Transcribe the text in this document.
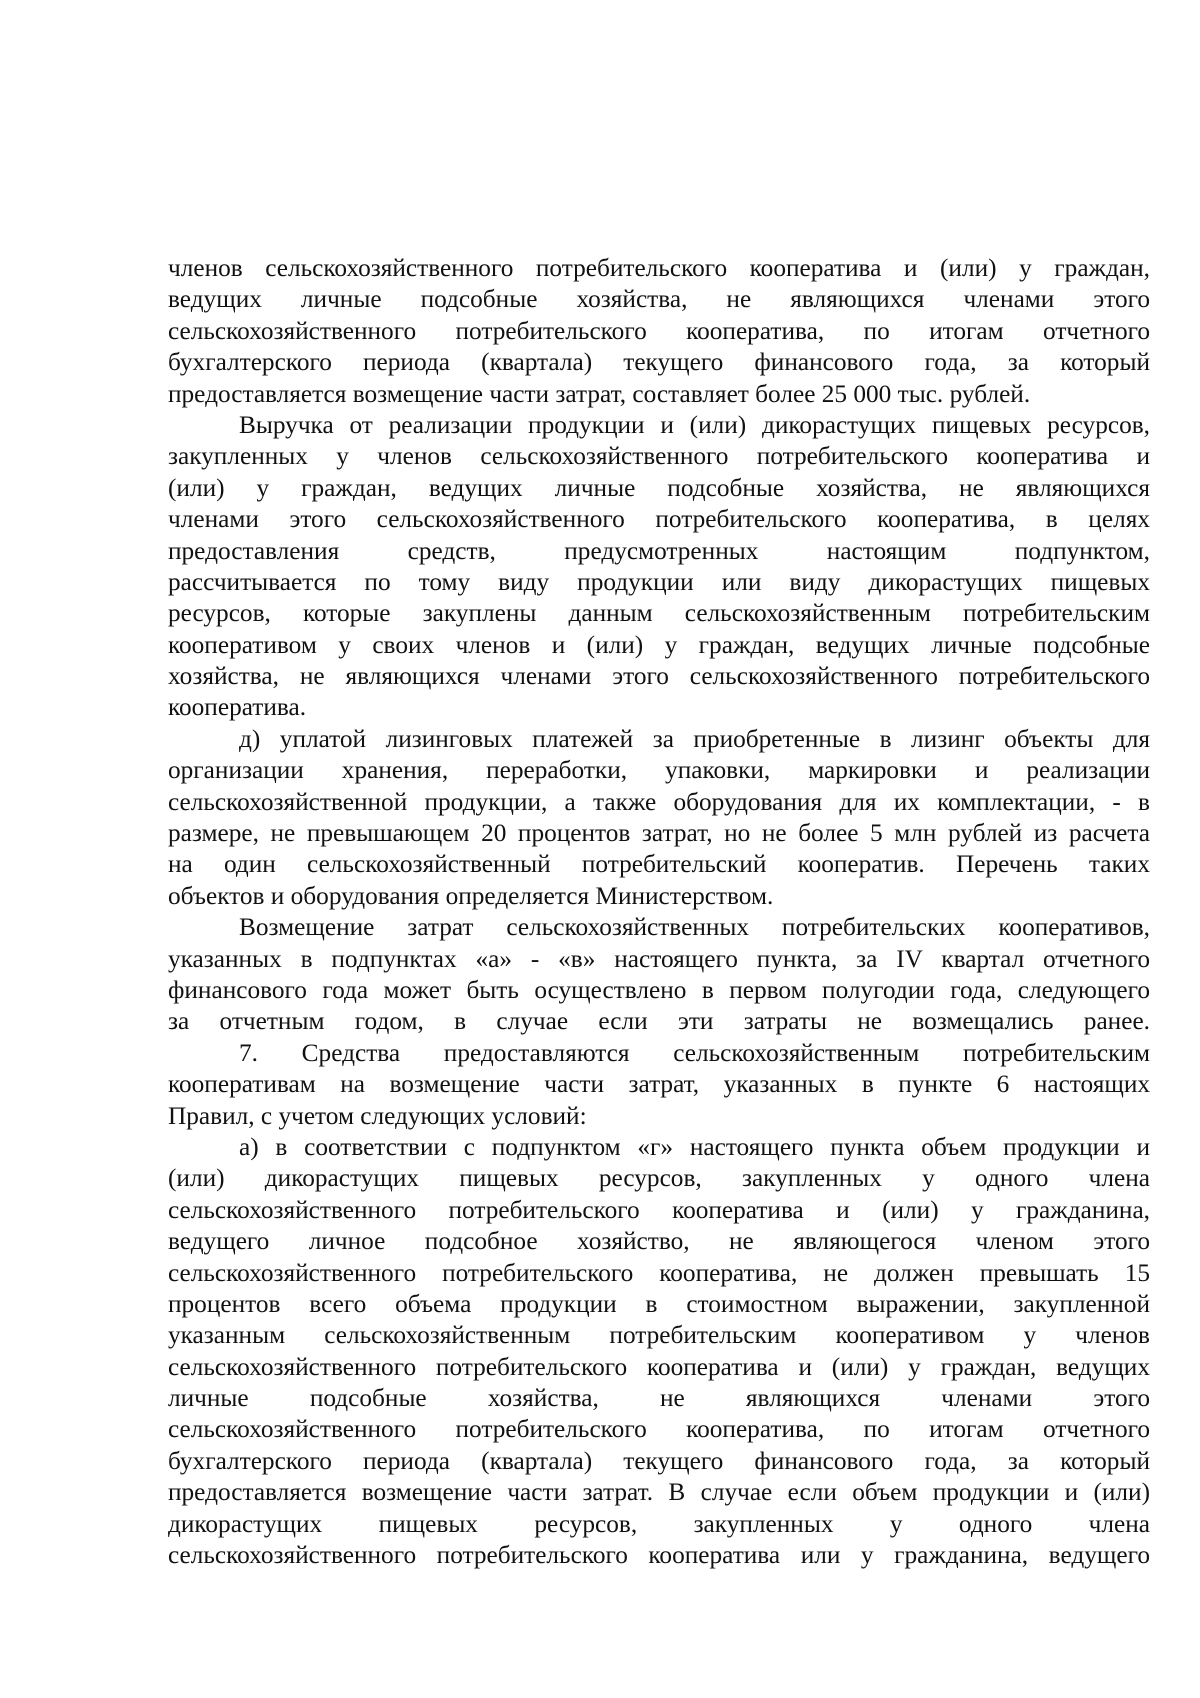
членов сельскохозяйственного потребительского кооператива и (или) у граждан,
ведущих личные подсобные хозяйства, не являющихся членами этого
сельскохозяйственного потребительского кооператива, по итогам отчетного
бухгалтерского периода (квартала) текущего финансового года, за который
предоставляется возмещение части затрат, составляет более 25 000 тыс. рублей.
Выручка от реализации продукции и (или) дикорастущих пищевых ресурсов,
закупленных у членов сельскохозяйственного потребительского кооператива и
(или) у граждан, ведущих личные подсобные хозяйства, не являющихся
членами этого сельскохозяйственного потребительского кооператива, в целях
предоставления средств, предусмотренных настоящим подпунктом,
рассчитывается по тому виду продукции или виду дикорастущих пищевых
ресурсов, которые закуплены данным сельскохозяйственным потребительским
кооперативом у своих членов и (или) у граждан, ведущих личные подсобные
хозяйства, не являющихся членами этого сельскохозяйственного потребительского
кооператива.
д) уплатой лизинговых платежей за приобретенные в лизинг объекты для
организации хранения, переработки, упаковки, маркировки и реализации
сельскохозяйственной продукции, а также оборудования для их комплектации, - в
размере, не превышающем 20 процентов затрат, но не более 5 млн рублей из расчета
на один сельскохозяйственный потребительский кооператив. Перечень таких
объектов и оборудования определяется Министерством.
Возмещение затрат сельскохозяйственных потребительских кооперативов,
указанных в подпунктах «а» - «в» настоящего пункта, за IV квартал отчетного
финансового года может быть осуществлено в первом полугодии года, следующего
за отчетным годом, в случае если эти затраты не возмещались ранее.
7. Средства предоставляются сельскохозяйственным потребительским
кооперативам на возмещение части затрат, указанных в пункте 6 настоящих
Правил, с учетом следующих условий:
а) в соответствии с подпунктом «г» настоящего пункта объем продукции и
(или) дикорастущих пищевых ресурсов, закупленных у одного члена
сельскохозяйственного потребительского кооператива и (или) у гражданина,
ведущего личное подсобное хозяйство, не являющегося членом этого
сельскохозяйственного потребительского кооператива, не должен превышать 15
процентов всего объема продукции в стоимостном выражении, закупленной
указанным сельскохозяйственным потребительским кооперативом у членов
сельскохозяйственного потребительского кооператива и (или) у граждан, ведущих
личные подсобные хозяйства, не являющихся членами этого
сельскохозяйственного потребительского кооператива, по итогам отчетного
бухгалтерского периода (квартала) текущего финансового года, за который
предоставляется возмещение части затрат. В случае если объем продукции и (или)
дикорастущих пищевых ресурсов, закупленных у одного члена
сельскохозяйственного потребительского кооператива или у гражданина, ведущего
